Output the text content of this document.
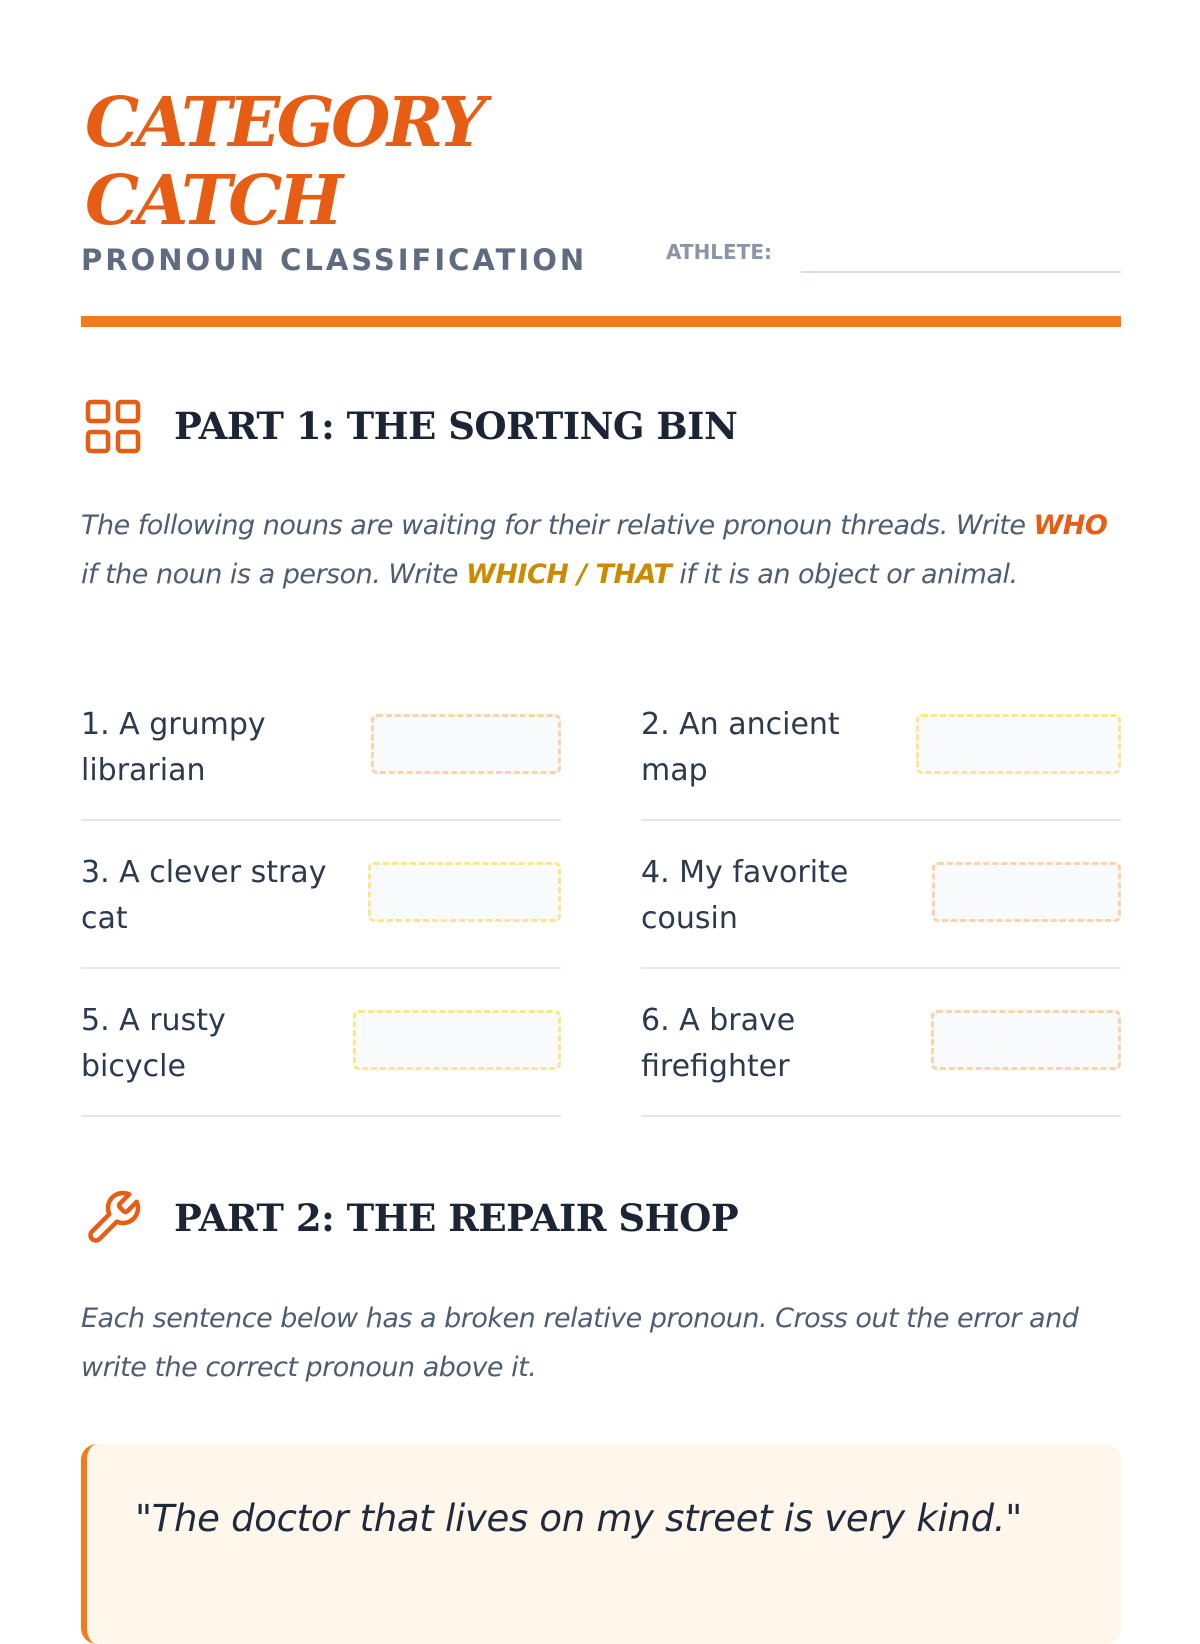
CATEGORY
CATCH
PRONOUN CLASSIFICATION	ATHLETE:
PART 1: THE SORTING BIN

The following nouns are waiting for their relative pronoun threads. Write WHO if the noun is a person. Write WHICH / THAT if it is an object or animal.

1. A grumpy
librarian
2. An ancient
map
3. A clever stray
cat
4. My favorite
cousin
5. A rusty
bicycle
6. A brave
firefighter
PART 2: THE REPAIR SHOP

Each sentence below has a broken relative pronoun. Cross out the error and write the correct pronoun above it.

"The doctor that lives on my street is very kind."
